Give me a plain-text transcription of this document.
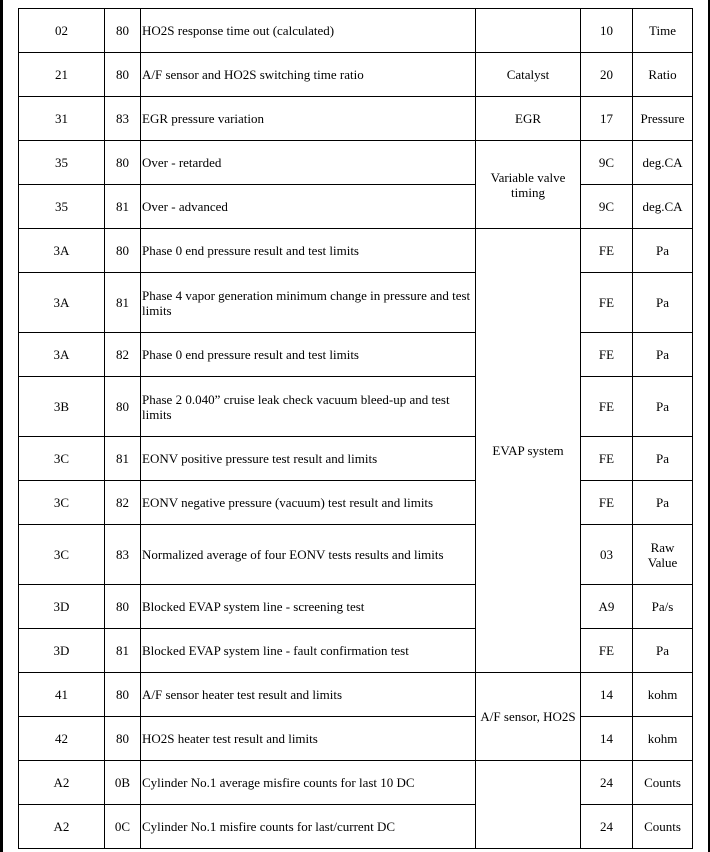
02	80	HO2S response time out (calculated)		10	Time
21	80	A/F sensor and HO2S switching time ratio	Catalyst	20	Ratio
31	83	EGR pressure variation	EGR	17	Pressure
35	80	Over - retarded	Variable valve timing	9C	deg.CA
35	81	Over - advanced		9C	deg.CA
3A	80	Phase 0 end pressure result and test limits	EVAP system	FE	Pa
3A	81	Phase 4 vapor generation minimum change in pressure and test limits		FE	Pa
3A	82	Phase 0 end pressure result and test limits		FE	Pa
3B	80	Phase 2 0.040” cruise leak check vacuum bleed-up and test limits		FE	Pa
3C	81	EONV positive pressure test result and limits		FE	Pa
3C	82	EONV negative pressure (vacuum) test result and limits		FE	Pa
3C	83	Normalized average of four EONV tests results and limits		03	Raw Value
3D	80	Blocked EVAP system line - screening test		A9	Pa/s
3D	81	Blocked EVAP system line - fault confirmation test		FE	Pa
41	80	A/F sensor heater test result and limits	A/F sensor, HO2S	14	kohm
42	80	HO2S heater test result and limits		14	kohm
A2	0B	Cylinder No.1 average misfire counts for last 10 DC		24	Counts
A2	0C	Cylinder No.1 misfire counts for last/current DC		24	Counts
